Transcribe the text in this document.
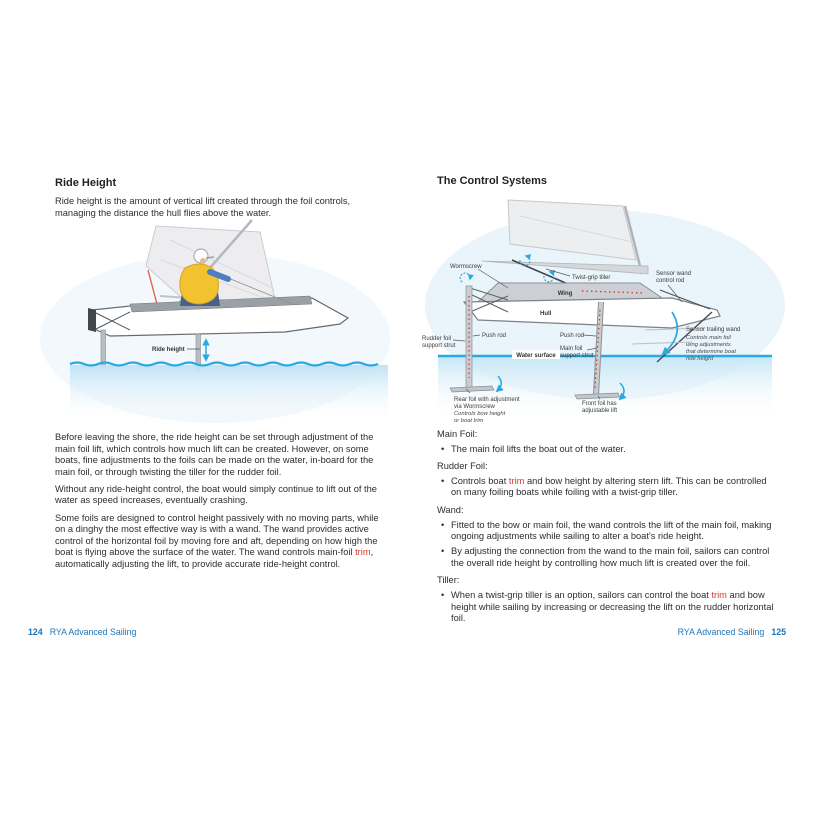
Ride Height

Ride height is the amount of vertical lift created through the foil controls, managing the distance the hull flies above the water.

Ride height

Before leaving the shore, the ride height can be set through adjustment of the main foil lift, which controls how much lift can be created. However, on some boats, fine adjustments to the foils can be made on the water, in-board for the main foil, or through twisting the tiller for the rudder foil.

Without any ride-height control, the boat would simply continue to lift out of the water as speed increases, eventually crashing.

Some foils are designed to control height passively with no moving parts, while on a dinghy the most effective way is with a wand. The wand provides active control of the horizontal foil by moving fore and aft, depending on how high the boat is flying above the surface of the water. The wand controls main-foil trim, automatically adjusting the lift, to provide accurate ride-height control.

124 RYA Advanced Sailing
The Control Systems
Water surface
Wormscrew
Twist-grip tiller
Sensor wand
control rod
Wing
Hull
Push rod	Push rod
Main foil
support strut
Rudder foil
support strut
Sensor trailing wand
Controls main foil
wing adjustments
that determine boat
ride height
Rear foil with adjustment
via Wormscrew
Controls bow height
or boat trim
Front foil has
adjustable lift
Main Foil:
• The main foil lifts the boat out of the water.
Rudder Foil:
• Controls boat trim and bow height by altering stern lift. This can be controlled on many foiling boats while foiling with a twist-grip tiller.
Wand:
• Fitted to the bow or main foil, the wand controls the lift of the main foil, making ongoing adjustments while sailing to alter a boat's ride height.
• By adjusting the connection from the wand to the main foil, sailors can control the overall ride height by controlling how much lift is created over the foil.
Tiller:
• When a twist-grip tiller is an option, sailors can control the boat trim and bow height while sailing by increasing or decreasing the lift on the rudder horizontal foil.
RYA Advanced Sailing 125
